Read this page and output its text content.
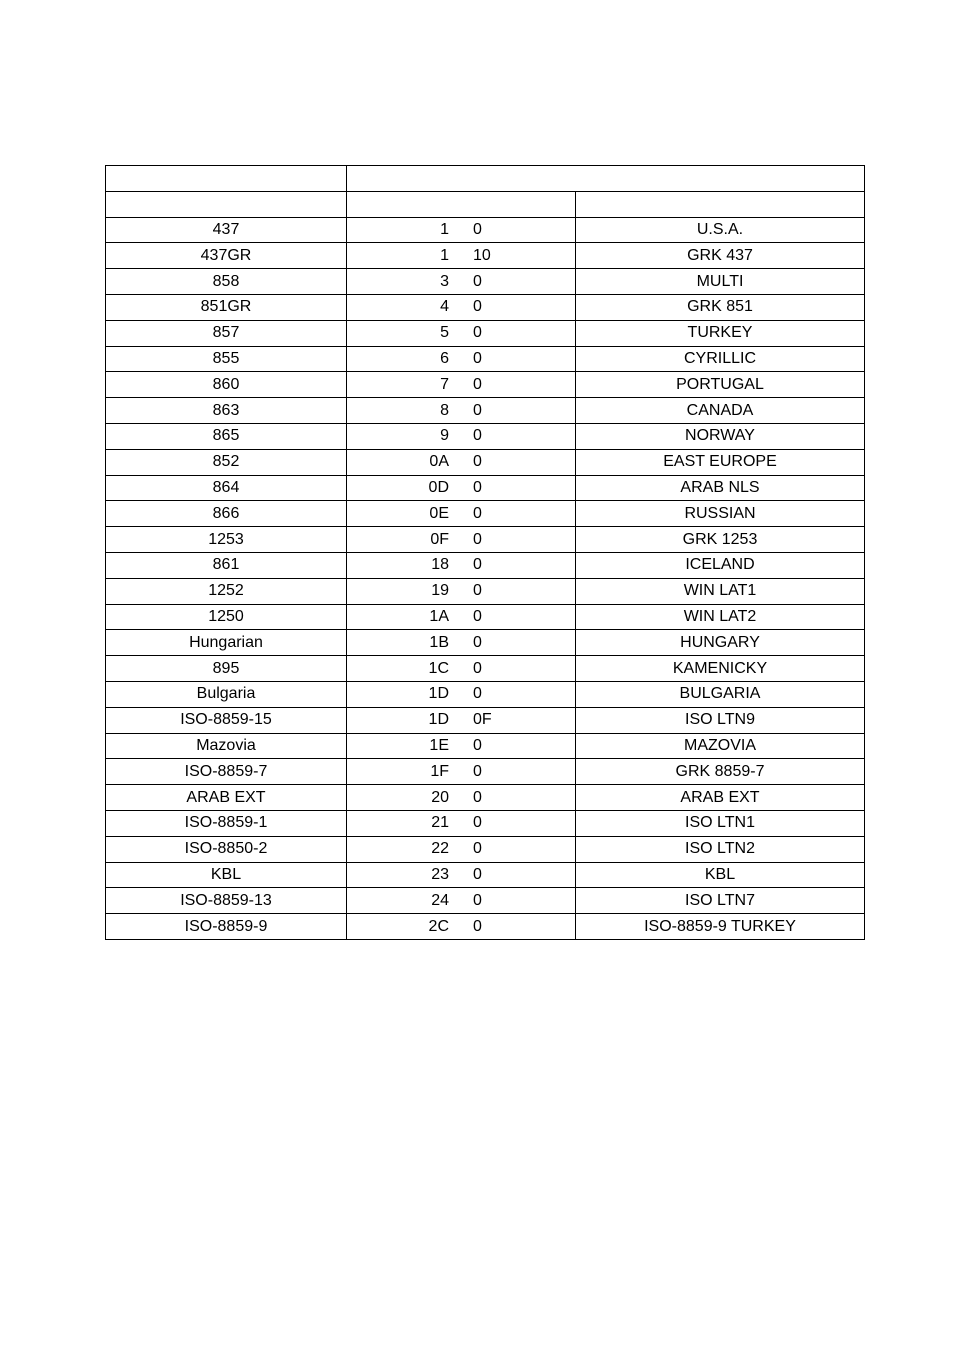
437	1 0	U.S.A.
437GR	1 10	GRK 437
858	3 0	MULTI
851GR	4 0	GRK 851
857	5 0	TURKEY
855	6 0	CYRILLIC
860	7 0	PORTUGAL
863	8 0	CANADA
865	9 0	NORWAY
852	0A 0	EAST EUROPE
864	0D 0	ARAB NLS
866	0E 0	RUSSIAN
1253	0F 0	GRK 1253
861	18 0	ICELAND
1252	19 0	WIN LAT1
1250	1A 0	WIN LAT2
Hungarian	1B 0	HUNGARY
895	1C 0	KAMENICKY
Bulgaria	1D 0	BULGARIA
ISO-8859-15	1D 0F	ISO LTN9
Mazovia	1E 0	MAZOVIA
ISO-8859-7	1F 0	GRK 8859-7
ARAB EXT	20 0	ARAB EXT
ISO-8859-1	21 0	ISO LTN1
ISO-8850-2	22 0	ISO LTN2
KBL	23 0	KBL
ISO-8859-13	24 0	ISO LTN7
ISO-8859-9	2C 0	ISO-8859-9 TURKEY
